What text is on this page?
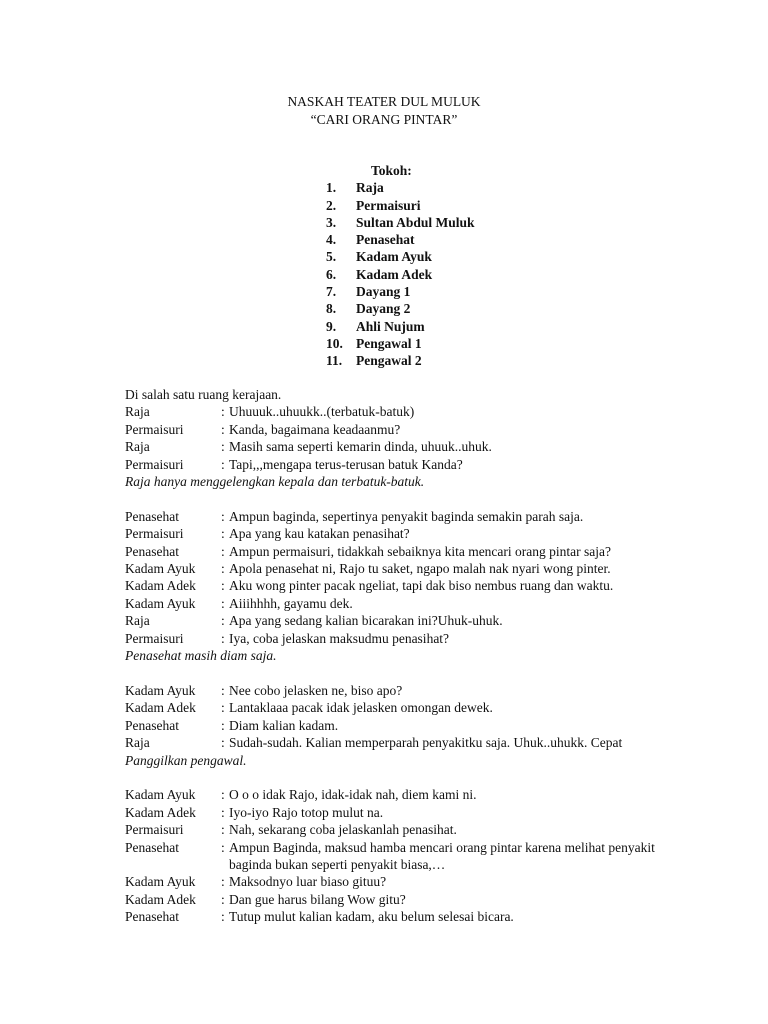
NASKAH TEATER DUL MULUK
“CARI ORANG PINTAR”
Tokoh:
1.	Raja
2.	Permaisuri
3.	Sultan Abdul Muluk
4.	Penasehat
5.	Kadam Ayuk
6.	Kadam Adek
7.	Dayang 1
8.	Dayang 2
9.	Ahli Nujum
10. Pengawal 1
11.	Pengawal 2
Di salah satu ruang kerajaan.
Raja	: Uhuuuk..uhuukk..(terbatuk-batuk)
Permaisuri	: Kanda, bagaimana keadaanmu?
Raja	: Masih sama seperti kemarin dinda, uhuuk..uhuk.
Permaisuri	: Tapi,,,mengapa terus-terusan batuk Kanda?
Raja hanya menggelengkan kepala dan terbatuk-batuk.
Penasehat	: Ampun baginda, sepertinya penyakit baginda semakin parah saja.
Permaisuri	: Apa yang kau katakan penasihat?
Penasehat	: Ampun permaisuri, tidakkah sebaiknya kita mencari orang pintar saja?
Kadam Ayuk	: Apola penasehat ni, Rajo tu saket, ngapo malah nak nyari wong pinter.
Kadam Adek	: Aku wong pinter pacak ngeliat, tapi dak biso nembus ruang dan waktu.
Kadam Ayuk	: Aiiihhhh, gayamu dek.
Raja	: Apa yang sedang kalian bicarakan ini?Uhuk-uhuk.
Permaisuri	: Iya, coba jelaskan maksudmu penasihat?
Penasehat masih diam saja.
Kadam Ayuk	: Nee cobo jelasken ne, biso apo?
Kadam Adek	: Lantaklaaa pacak idak jelasken omongan dewek.
Penasehat	: Diam kalian kadam.
Raja	: Sudah-sudah. Kalian memperparah penyakitku saja. Uhuk..uhukk. Cepat
Panggilkan pengawal.
Kadam Ayuk	: O o o idak Rajo, idak-idak nah, diem kami ni.
Kadam Adek	: Iyo-iyo Rajo totop mulut na.
Permaisuri	: Nah, sekarang coba jelaskanlah penasihat.
Penasehat	: Ampun Baginda, maksud hamba mencari orang pintar karena melihat penyakit baginda bukan seperti penyakit biasa,…
Kadam Ayuk	: Maksodnyo luar biaso gituu?
Kadam Adek	: Dan gue harus bilang Wow gitu?
Penasehat	: Tutup mulut kalian kadam, aku belum selesai bicara.
